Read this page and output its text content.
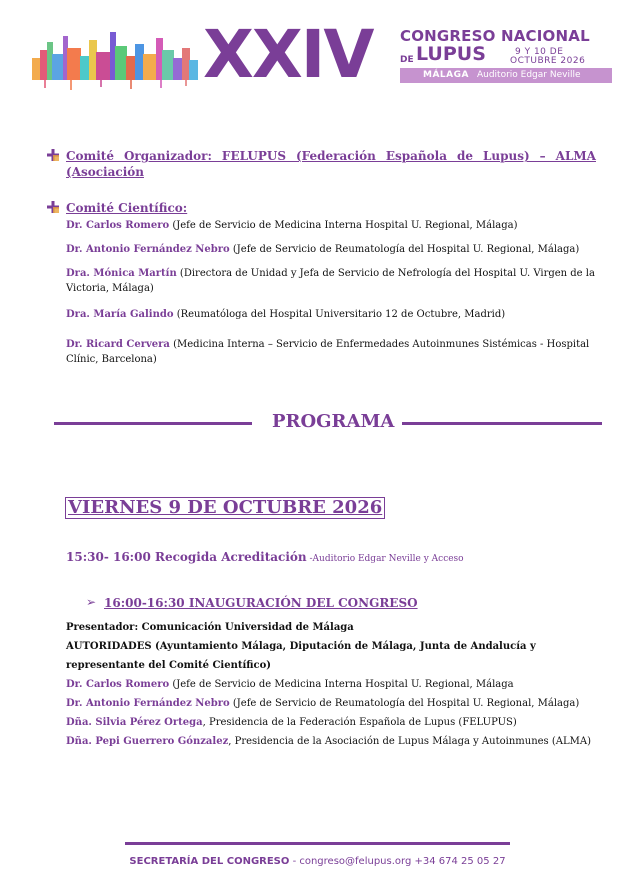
XXIV CONGRESO NACIONAL
DE LUPUS	9 Y 10 DE
OCTUBRE 2026
MÁLAGA Auditorio Edgar Neville
Comité Organizador: FELUPUS (Federación Española de Lupus) – ALMA (Asociación
Comité Científico:
Dr. Carlos Romero (Jefe de Servicio de Medicina Interna Hospital U. Regional, Málaga)
Dr. Antonio Fernández Nebro (Jefe de Servicio de Reumatología del Hospital U. Regional, Málaga)
Dra. Mónica Martín (Directora de Unidad y Jefa de Servicio de Nefrología del Hospital U. Virgen de la Victoria, Málaga)
Dra. María Galindo (Reumatóloga del Hospital Universitario 12 de Octubre, Madrid)
Dr. Ricard Cervera (Medicina Interna – Servicio de Enfermedades Autoinmunes Sistémicas - Hospital Clínic, Barcelona)
PROGRAMA
VIERNES 9 DE OCTUBRE 2026
15:30- 16:00 Recogida Acreditación -Auditorio Edgar Neville y Acceso
➢ 16:00-16:30 INAUGURACIÓN DEL CONGRESO
Presentador: Comunicación Universidad de Málaga
AUTORIDADES (Ayuntamiento Málaga, Diputación de Málaga, Junta de Andalucía y representante del Comité Científico)
Dr. Carlos Romero (Jefe de Servicio de Medicina Interna Hospital U. Regional, Málaga
Dr. Antonio Fernández Nebro (Jefe de Servicio de Reumatología del Hospital U. Regional, Málaga)
Dña. Silvia Pérez Ortega, Presidencia de la Federación Española de Lupus (FELUPUS)
Dña. Pepi Guerrero Gónzalez, Presidencia de la Asociación de Lupus Málaga y Autoinmunes (ALMA)
SECRETARÍA DEL CONGRESO - congreso@felupus.org +34 674 25 05 27
